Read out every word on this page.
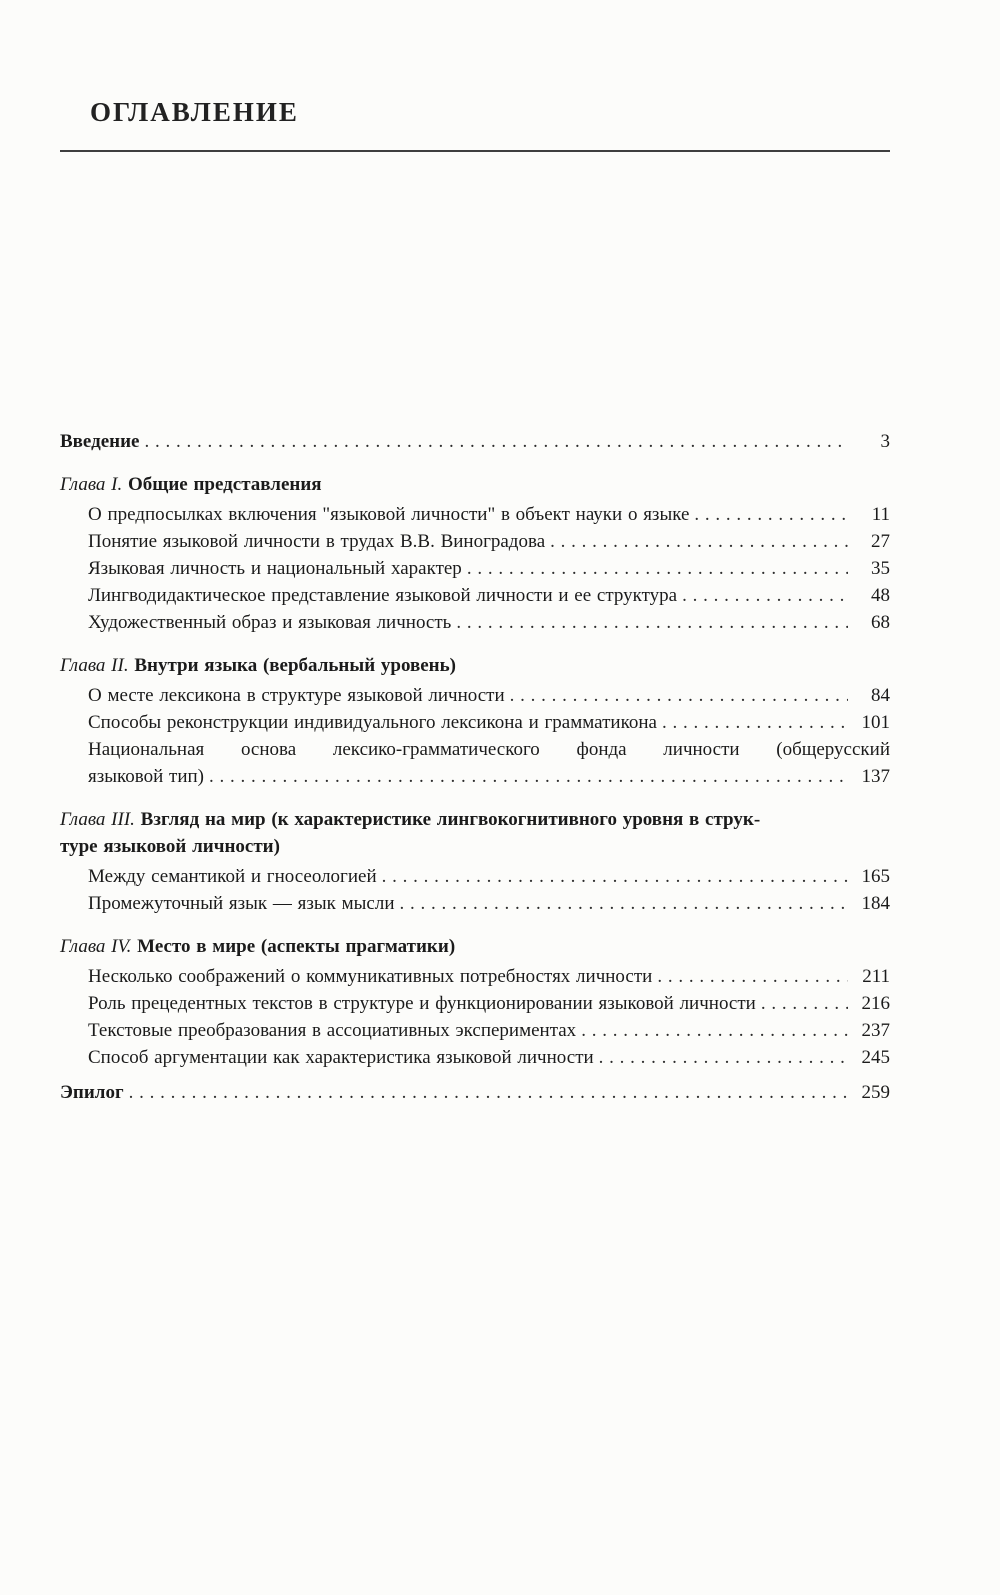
ОГЛАВЛЕНИЕ
Введение . . .	3
Глава I. Общие представления
О предпосылках включения "языковой личности" в объект науки о языке . . .	11
Понятие языковой личности в трудах В.В. Виноградова . . .	27
Языковая личность и национальный характер . . .	35
Лингводидактическое представление языковой личности и ее структура . . .	48
Художественный образ и языковая личность . . .	68
Глава II. Внутри языка (вербальный уровень)
О месте лексикона в структуре языковой личности . . .	84
Способы реконструкции индивидуального лексикона и грамматикона . . .	101
Национальная основа лексико-грамматического фонда личности (общерусский
языковой тип) . . .	137
Глава III. Взгляд на мир (к характеристике лингвокогнитивного уровня в струк-
туре языковой личности)
Между семантикой и гносеологией . . .	165
Промежуточный язык — язык мысли . . .	184
Глава IV. Место в мире (аспекты прагматики)
Несколько соображений о коммуникативных потребностях личности . . .	211
Роль прецедентных текстов в структуре и функционировании языковой личности . . .	216
Текстовые преобразования в ассоциативных экспериментах . . .	237
Способ аргументации как характеристика языковой личности . . .	245
Эпилог . . .	259
